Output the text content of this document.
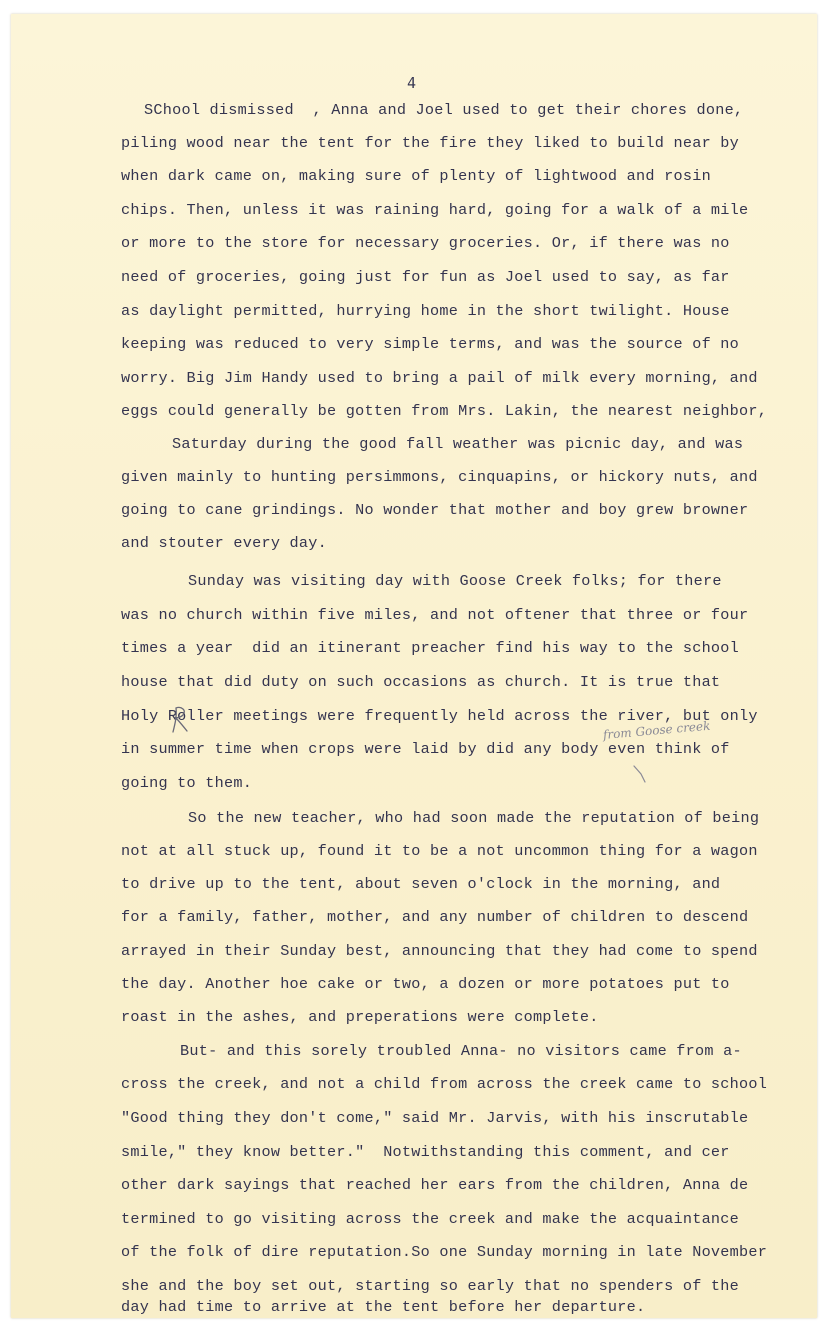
4
SChool dismissed  , Anna and Joel used to get their chores done,
piling wood near the tent for the fire they liked to build near by
when dark came on, making sure of plenty of lightwood and rosin
chips. Then, unless it was raining hard, going for a walk of a mile
or more to the store for necessary groceries. Or, if there was no
need of groceries, going just for fun as Joel used to say, as far
as daylight permitted, hurrying home in the short twilight. House
keeping was reduced to very simple terms, and was the source of no
worry. Big Jim Handy used to bring a pail of milk every morning, and
eggs could generally be gotten from Mrs. Lakin, the nearest neighbor,
Saturday during the good fall weather was picnic day, and was
given mainly to hunting persimmons, cinquapins, or hickory nuts, and
going to cane grindings. No wonder that mother and boy grew browner
and stouter every day.
Sunday was visiting day with Goose Creek folks; for there
was no church within five miles, and not oftener that three or four
times a year  did an itinerant preacher find his way to the school
house that did duty on such occasions as church. It is true that
Holy Roller meetings were frequently held across the river, but only
in summer time when crops were laid by did any body even think of
going to them.
So the new teacher, who had soon made the reputation of being
not at all stuck up, found it to be a not uncommon thing for a wagon
to drive up to the tent, about seven o'clock in the morning, and
for a family, father, mother, and any number of children to descend
arrayed in their Sunday best, announcing that they had come to spend
the day. Another hoe cake or two, a dozen or more potatoes put to
roast in the ashes, and preperations were complete.
But- and this sorely troubled Anna- no visitors came from a-
cross the creek, and not a child from across the creek came to school
"Good thing they don't come," said Mr. Jarvis, with his inscrutable
smile," they know better."  Notwithstanding this comment, and cer
other dark sayings that reached her ears from the children, Anna de
termined to go visiting across the creek and make the acquaintance
of the folk of dire reputation.So one Sunday morning in late November
she and the boy set out, starting so early that no spenders of the
day had time to arrive at the tent before her departure.
from Goose creek
